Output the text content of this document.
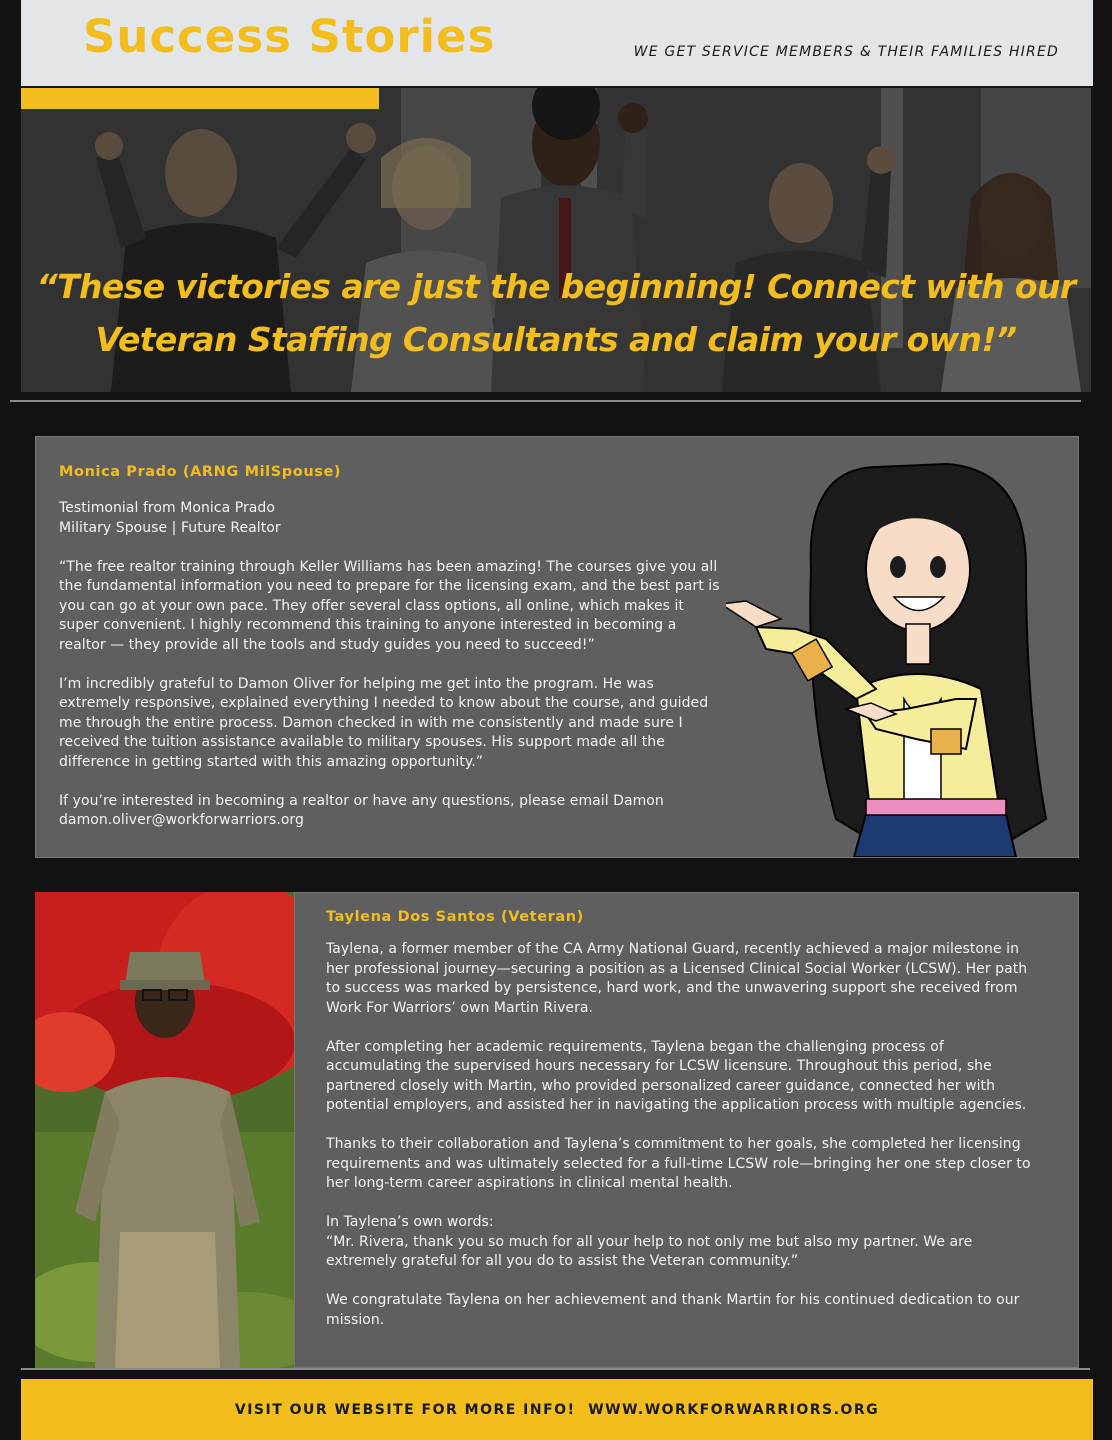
Success Stories	WE GET SERVICE MEMBERS & THEIR FAMILIES HIRED
“These victories are just the beginning! Connect with our
Veteran Staffing Consultants and claim your own!”
Monica Prado (ARNG MilSpouse)

Testimonial from Monica Prado

Military Spouse | Future Realtor

“The free realtor training through Keller Williams has been amazing! The courses give you all the fundamental information you need to prepare for the licensing exam, and the best part is you can go at your own pace. They offer several class options, all online, which makes it super convenient. I highly recommend this training to anyone interested in becoming a realtor — they provide all the tools and study guides you need to succeed!”

I’m incredibly grateful to Damon Oliver for helping me get into the program. He was extremely responsive, explained everything I needed to know about the course, and guided me through the entire process. Damon checked in with me consistently and made sure I received the tuition assistance available to military spouses. His support made all the difference in getting started with this amazing opportunity.”

If you’re interested in becoming a realtor or have any questions, please email Damon

damon.oliver@workforwarriors.org

Taylena Dos Santos (Veteran)

Taylena, a former member of the CA Army National Guard, recently achieved a major milestone in her professional journey—securing a position as a Licensed Clinical Social Worker (LCSW). Her path to success was marked by persistence, hard work, and the unwavering support she received from Work For Warriors’ own Martin Rivera.

After completing her academic requirements, Taylena began the challenging process of accumulating the supervised hours necessary for LCSW licensure. Throughout this period, she partnered closely with Martin, who provided personalized career guidance, connected her with potential employers, and assisted her in navigating the application process with multiple agencies.

Thanks to their collaboration and Taylena’s commitment to her goals, she completed her licensing requirements and was ultimately selected for a full-time LCSW role—bringing her one step closer to her long-term career aspirations in clinical mental health.

In Taylena’s own words:

“Mr. Rivera, thank you so much for all your help to not only me but also my partner. We are extremely grateful for all you do to assist the Veteran community.”

We congratulate Taylena on her achievement and thank Martin for his continued dedication to our mission.

VISIT OUR WEBSITE FOR MORE INFO!  WWW.WORKFORWARRIORS.ORG
